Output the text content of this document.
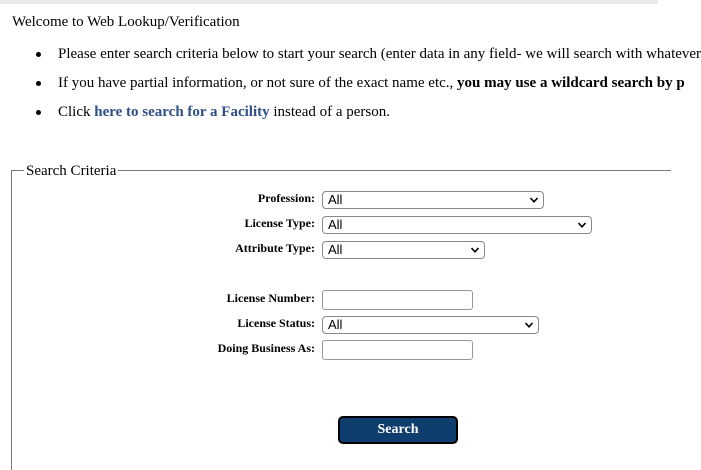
Welcome to Web Lookup/Verification
Please enter search criteria below to start your search (enter data in any field- we will search with whatever
If you have partial information, or not sure of the exact name etc., you may use a wildcard search by p
Click here to search for a Facility instead of a person.
Search Criteria
Profession:	All
License Type:	All
Attribute Type:	All
License Number:
License Status:	All
Doing Business As:
Search
